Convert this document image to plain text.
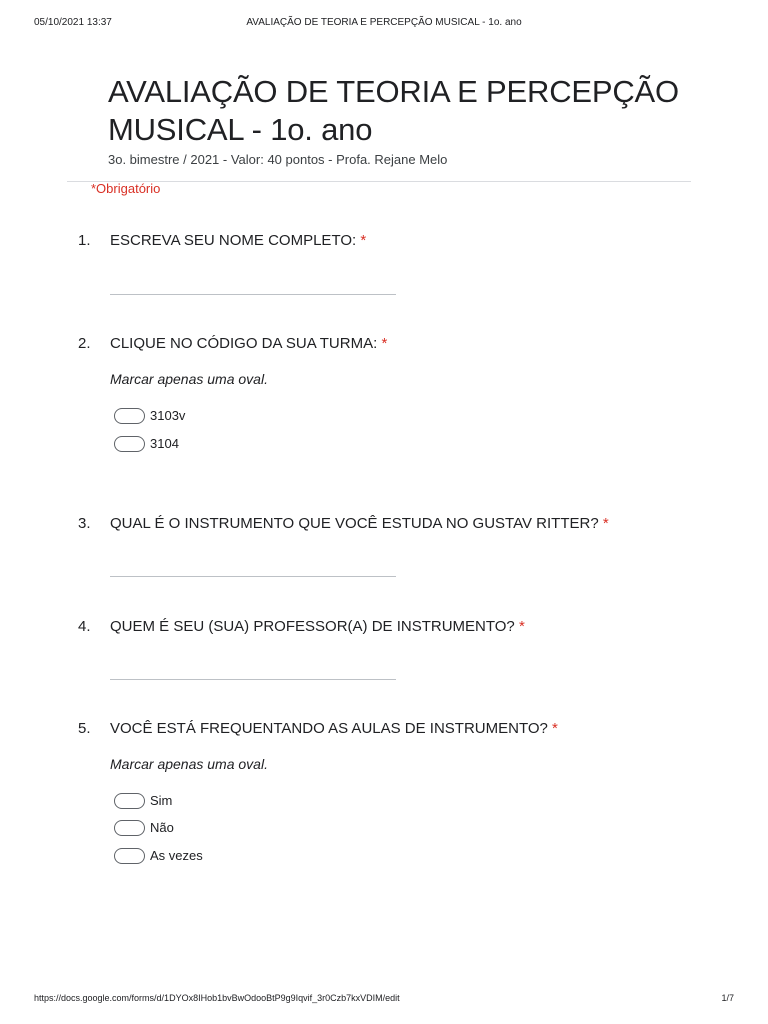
05/10/2021 13:37	AVALIAÇÃO DE TEORIA E PERCEPÇÃO MUSICAL - 1o. ano
AVALIAÇÃO DE TEORIA E PERCEPÇÃO MUSICAL - 1o. ano
3o. bimestre / 2021 - Valor: 40 pontos - Profa. Rejane Melo
*Obrigatório
1. ESCREVA SEU NOME COMPLETO: *
2. CLIQUE NO CÓDIGO DA SUA TURMA: *
Marcar apenas uma oval.
3103v
3104
3. QUAL É O INSTRUMENTO QUE VOCÊ ESTUDA NO GUSTAV RITTER? *
4. QUEM É SEU (SUA) PROFESSOR(A) DE INSTRUMENTO? *
5. VOCÊ ESTÁ FREQUENTANDO AS AULAS DE INSTRUMENTO? *
Marcar apenas uma oval.
Sim
Não
As vezes
https://docs.google.com/forms/d/1DYOx8IHob1bvBwOdooBtP9g9Iqvif_3r0Czb7kxVDIM/edit	1/7
